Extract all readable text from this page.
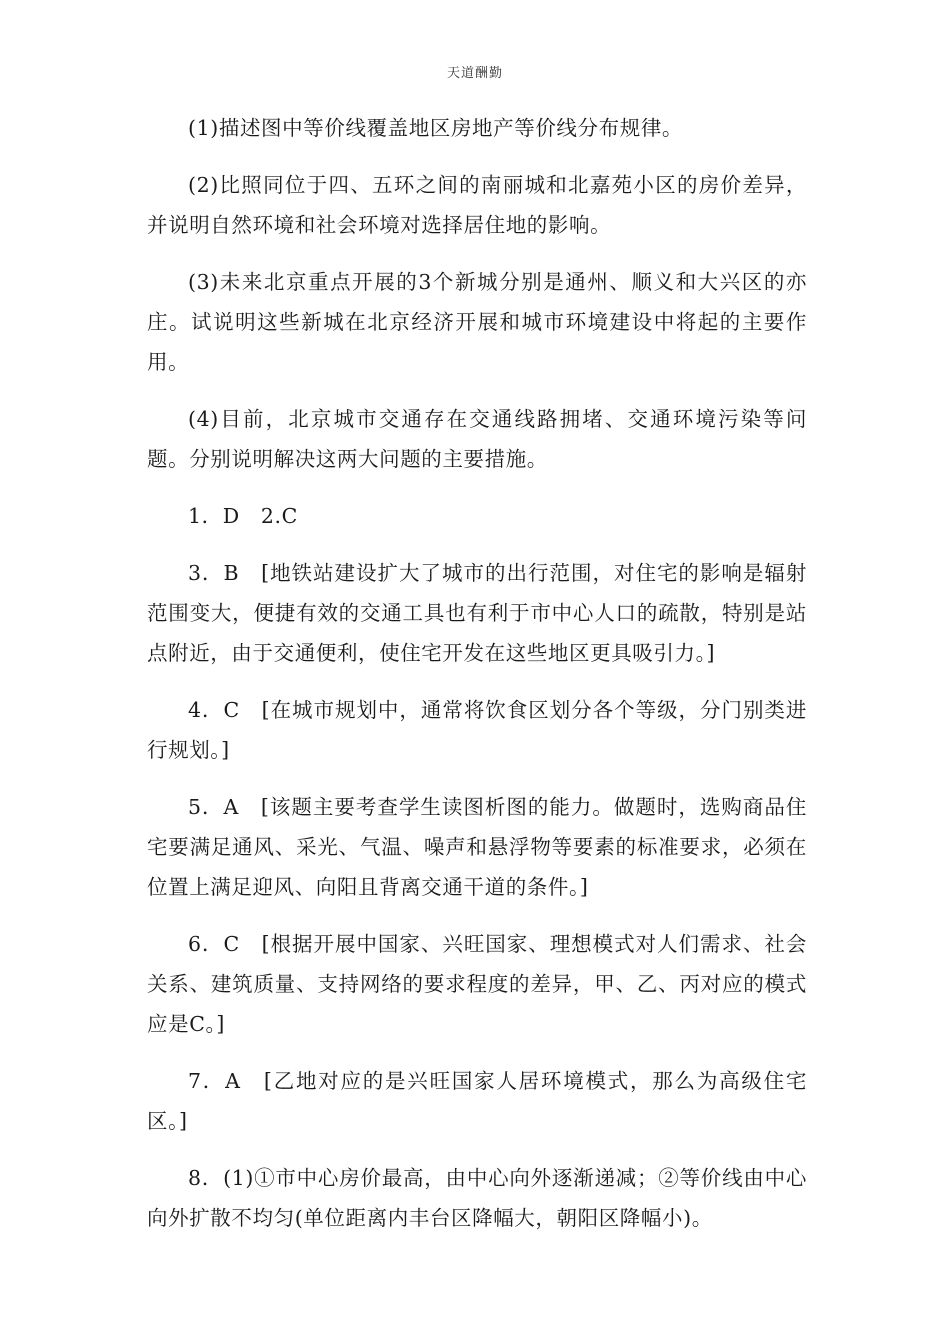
天道酬勤

(1)描述图中等价线覆盖地区房地产等价线分布规律。

(2)比照同位于四、五环之间的南丽城和北嘉苑小区的房价差异，并说明自然环境和社会环境对选择居住地的影响。

(3)未来北京重点开展的3个新城分别是通州、顺义和大兴区的亦庄。试说明这些新城在北京经济开展和城市环境建设中将起的主要作用。

(4)目前，北京城市交通存在交通线路拥堵、交通环境污染等问题。分别说明解决这两大问题的主要措施。

1．D　2.C

3．B　[地铁站建设扩大了城市的出行范围，对住宅的影响是辐射范围变大，便捷有效的交通工具也有利于市中心人口的疏散，特别是站点附近，由于交通便利，使住宅开发在这些地区更具吸引力。]

4．C　[在城市规划中，通常将饮食区划分各个等级，分门别类进行规划。]

5．A　[该题主要考查学生读图析图的能力。做题时，选购商品住宅要满足通风、采光、气温、噪声和悬浮物等要素的标准要求，必须在位置上满足迎风、向阳且背离交通干道的条件。]

6．C　[根据开展中国家、兴旺国家、理想模式对人们需求、社会关系、建筑质量、支持网络的要求程度的差异，甲、乙、丙对应的模式应是C。]

7．A　[乙地对应的是兴旺国家人居环境模式，那么为高级住宅区。]

8．(1)①市中心房价最高，由中心向外逐渐递减；②等价线由中心向外扩散不均匀(单位距离内丰台区降幅大，朝阳区降幅小)。
